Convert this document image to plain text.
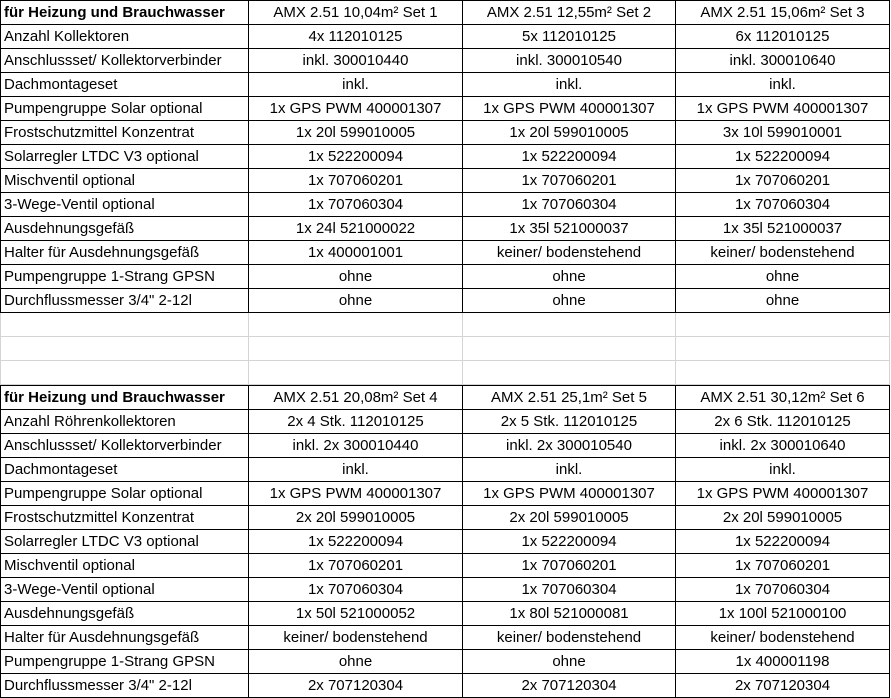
für Heizung und Brauchwasser	AMX 2.51 10,04m² Set 1	AMX 2.51 12,55m² Set 2	AMX 2.51 15,06m² Set 3
Anzahl Kollektoren	4x 112010125	5x 112010125	6x 112010125
Anschlussset/ Kollektorverbinder	inkl. 300010440	inkl. 300010540	inkl. 300010640
Dachmontageset	inkl.	inkl.	inkl.
Pumpengruppe Solar optional	1x GPS PWM 400001307	1x GPS PWM 400001307	1x GPS PWM 400001307
Frostschutzmittel Konzentrat	1x 20l 599010005	1x 20l 599010005	3x 10l 599010001
Solarregler LTDC V3 optional	1x 522200094	1x 522200094	1x 522200094
Mischventil optional	1x 707060201	1x 707060201	1x 707060201
3-Wege-Ventil optional	1x 707060304	1x 707060304	1x 707060304
Ausdehnungsgefäß	1x 24l 521000022	1x 35l 521000037	1x 35l 521000037
Halter für Ausdehnungsgefäß	1x 400001001	keiner/ bodenstehend	keiner/ bodenstehend
Pumpengruppe 1-Strang GPSN	ohne	ohne	ohne
Durchflussmesser 3/4" 2-12l	ohne	ohne	ohne
für Heizung und Brauchwasser	AMX 2.51 20,08m² Set 4	AMX 2.51 25,1m² Set 5	AMX 2.51 30,12m² Set 6
Anzahl Röhrenkollektoren	2x 4 Stk. 112010125	2x 5 Stk. 112010125	2x 6 Stk. 112010125
Anschlussset/ Kollektorverbinder	inkl. 2x 300010440	inkl. 2x 300010540	inkl. 2x 300010640
Dachmontageset	inkl.	inkl.	inkl.
Pumpengruppe Solar optional	1x GPS PWM 400001307	1x GPS PWM 400001307	1x GPS PWM 400001307
Frostschutzmittel Konzentrat	2x 20l 599010005	2x 20l 599010005	2x 20l 599010005
Solarregler LTDC V3 optional	1x 522200094	1x 522200094	1x 522200094
Mischventil optional	1x 707060201	1x 707060201	1x 707060201
3-Wege-Ventil optional	1x 707060304	1x 707060304	1x 707060304
Ausdehnungsgefäß	1x 50l 521000052	1x 80l 521000081	1x 100l 521000100
Halter für Ausdehnungsgefäß	keiner/ bodenstehend	keiner/ bodenstehend	keiner/ bodenstehend
Pumpengruppe 1-Strang GPSN	ohne	ohne	1x 400001198
Durchflussmesser 3/4" 2-12l	2x 707120304	2x 707120304	2x 707120304
